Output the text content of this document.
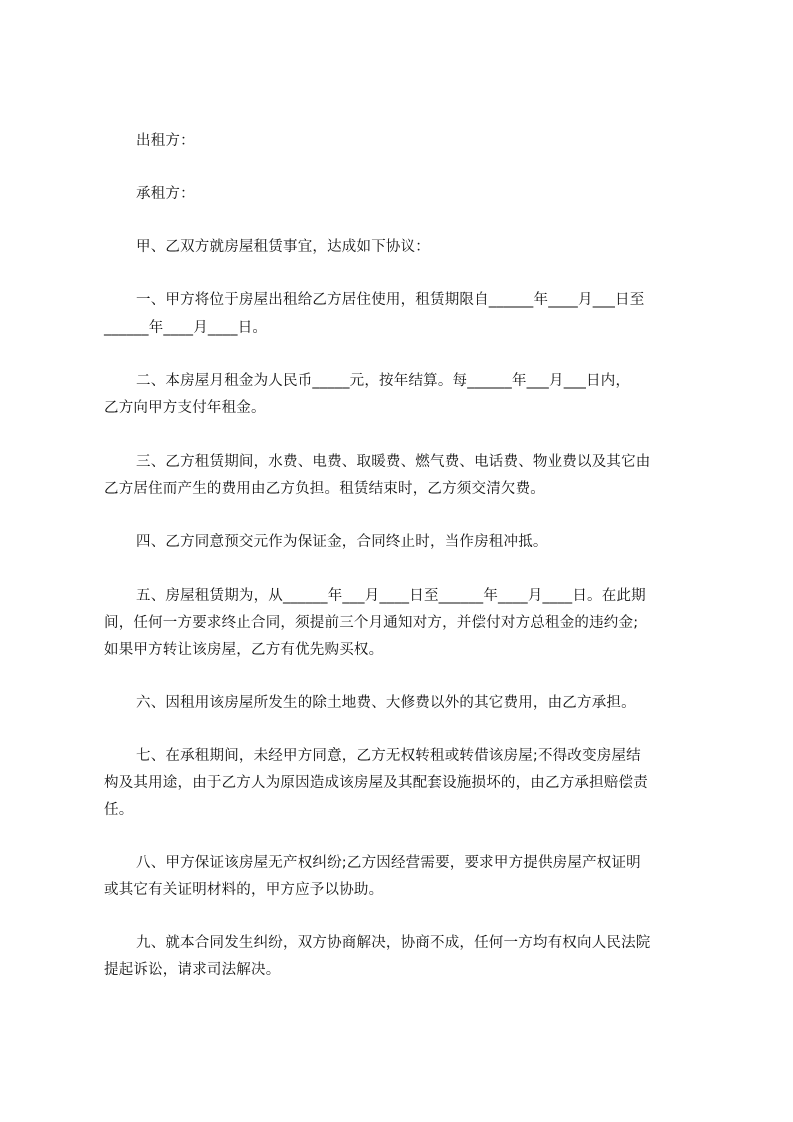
出租方：
承租方：
甲、乙双方就房屋租赁事宜，达成如下协议：
一、甲方将位于房屋出租给乙方居住使用，租赁期限自______年____月___日至
______年____月____日。
二、本房屋月租金为人民币_____元，按年结算。每______年___月___日内，
乙方向甲方支付年租金。
三、乙方租赁期间，水费、电费、取暖费、燃气费、电话费、物业费以及其它由
乙方居住而产生的费用由乙方负担。租赁结束时，乙方须交清欠费。
四、乙方同意预交元作为保证金，合同终止时，当作房租冲抵。
五、房屋租赁期为，从______年___月____日至______年____月____日。在此期
间，任何一方要求终止合同，须提前三个月通知对方，并偿付对方总租金的违约金;
如果甲方转让该房屋，乙方有优先购买权。
六、因租用该房屋所发生的除土地费、大修费以外的其它费用，由乙方承担。
七、在承租期间，未经甲方同意，乙方无权转租或转借该房屋;不得改变房屋结
构及其用途，由于乙方人为原因造成该房屋及其配套设施损坏的，由乙方承担赔偿责
任。
八、甲方保证该房屋无产权纠纷;乙方因经营需要，要求甲方提供房屋产权证明
或其它有关证明材料的，甲方应予以协助。
九、就本合同发生纠纷，双方协商解决，协商不成，任何一方均有权向人民法院
提起诉讼，请求司法解决。
